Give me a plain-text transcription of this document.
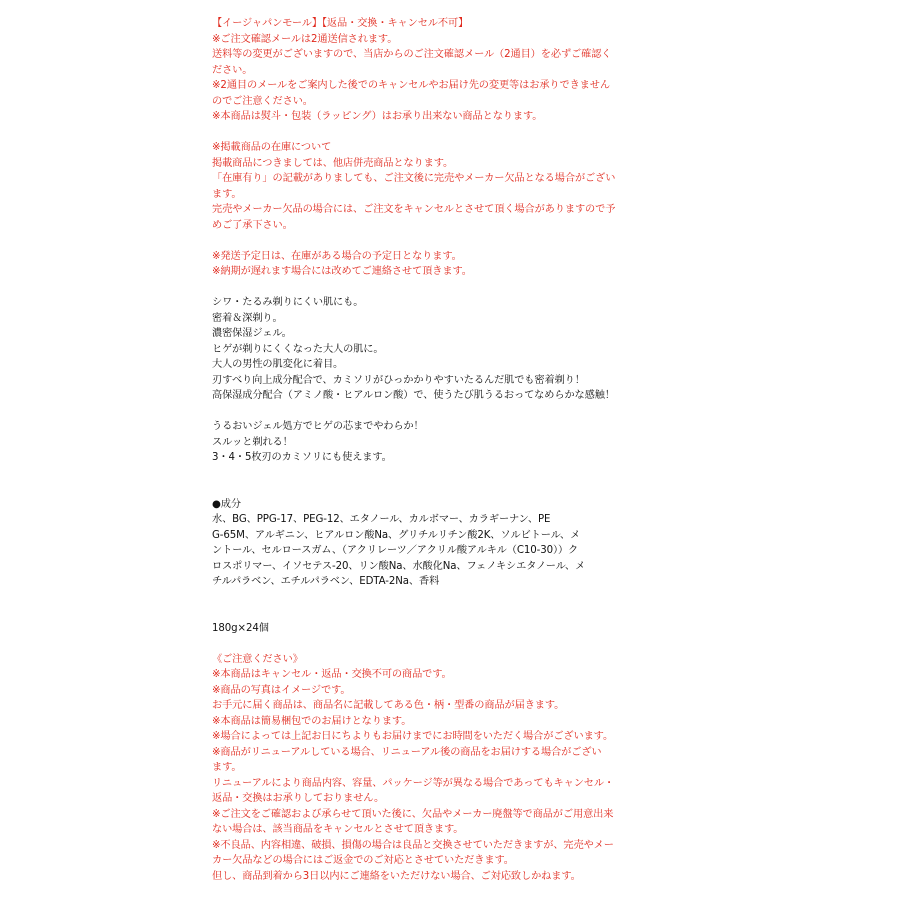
【イージャパンモール】【返品・交換・キャンセル不可】
※ご注文確認メールは2通送信されます。
送料等の変更がございますので、当店からのご注文確認メール（2通目）を必ずご確認く
ださい。
※2通目のメールをご案内した後でのキャンセルやお届け先の変更等はお承りできません
のでご注意ください。
※本商品は熨斗・包装（ラッピング）はお承り出来ない商品となります。
※掲載商品の在庫について
掲載商品につきましては、他店併売商品となります。
「在庫有り」の記載がありましても、ご注文後に完売やメーカー欠品となる場合がござい
ます。
完売やメーカー欠品の場合には、ご注文をキャンセルとさせて頂く場合がありますので予
めご了承下さい。
※発送予定日は、在庫がある場合の予定日となります。
※納期が遅れます場合には改めてご連絡させて頂きます。
シワ・たるみ剃りにくい肌にも。
密着＆深剃り。
濃密保湿ジェル。
ヒゲが剃りにくくなった大人の肌に。
大人の男性の肌変化に着目。
刃すべり向上成分配合で、カミソリがひっかかりやすいたるんだ肌でも密着剃り！
高保湿成分配合（アミノ酸・ヒアルロン酸）で、使うたび肌うるおってなめらかな感触！
うるおいジェル処方でヒゲの芯までやわらか！
スルッと剃れる！
3・4・5枚刃のカミソリにも使えます。
●成分
水、BG、PPG-17、PEG-12、エタノール、カルボマー、カラギーナン、PE
G-65M、アルギニン、ヒアルロン酸Na、グリチルリチン酸2K、ソルビトール、メ
ントール、セルロースガム、（アクリレーツ／アクリル酸アルキル（C10-30））ク
ロスポリマー、イソセテス-20、リン酸Na、水酸化Na、フェノキシエタノール、メ
チルパラベン、エチルパラベン、EDTA-2Na、香料
180g×24個
《ご注意ください》
※本商品はキャンセル・返品・交換不可の商品です。
※商品の写真はイメージです。
お手元に届く商品は、商品名に記載してある色・柄・型番の商品が届きます。
※本商品は簡易梱包でのお届けとなります。
※場合によっては上記お日にちよりもお届けまでにお時間をいただく場合がございます。
※商品がリニューアルしている場合、リニューアル後の商品をお届けする場合がござい
ます。
リニューアルにより商品内容、容量、パッケージ等が異なる場合であってもキャンセル・
返品・交換はお承りしておりません。
※ご注文をご確認および承らせて頂いた後に、欠品やメーカー廃盤等で商品がご用意出来
ない場合は、該当商品をキャンセルとさせて頂きます。
※不良品、内容相違、破損、損傷の場合は良品と交換させていただきますが、完売やメー
カー欠品などの場合にはご返金でのご対応とさせていただきます。
但し、商品到着から3日以内にご連絡をいただけない場合、ご対応致しかねます。
